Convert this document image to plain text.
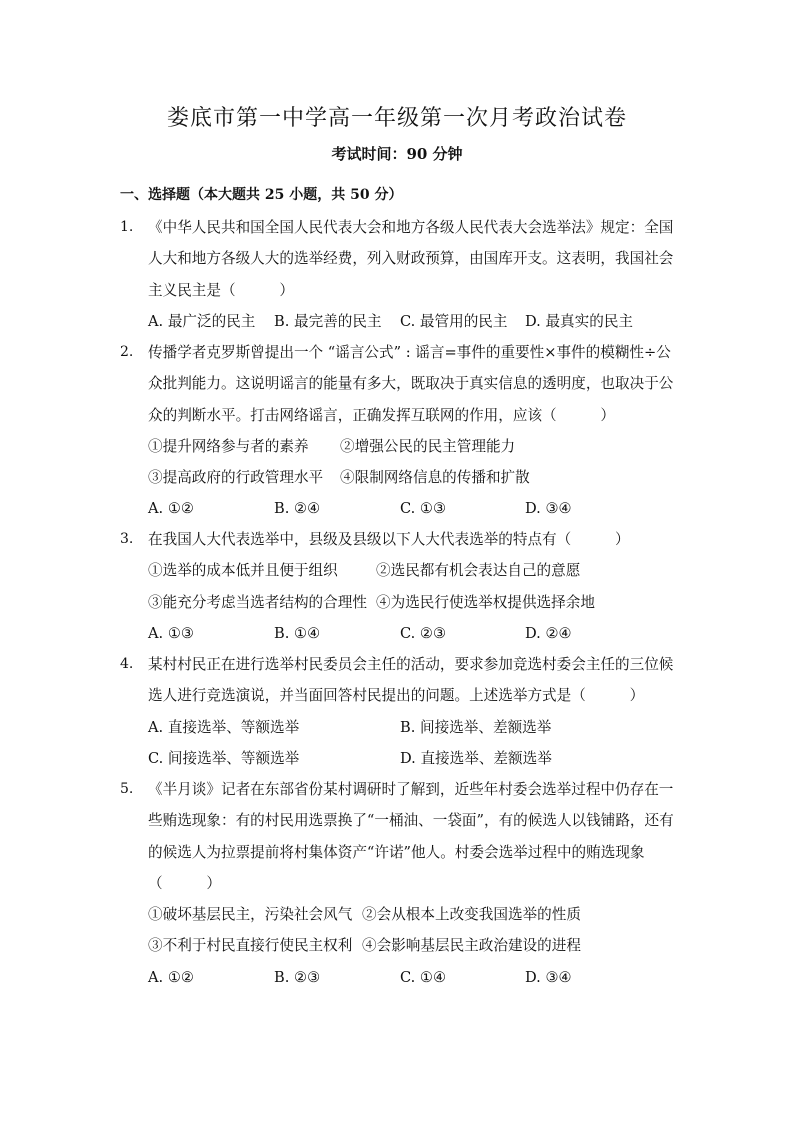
娄底市第一中学高一年级第一次月考政治试卷
考试时间：90 分钟
一、选择题（本大题共 25 小题，共 50 分）
1. 《中华人民共和国全国人民代表大会和地方各级人民代表大会选举法》规定：全国人大和地方各级人大的选举经费，列入财政预算，由国库开支。这表明，我国社会主义民主是（　　　）
A. 最广泛的民主 B. 最完善的民主 C. 最管用的民主 D. 最真实的民主
2. 传播学者克罗斯曾提出一个 “谣言公式” : 谣言=事件的重要性×事件的模糊性÷公众批判能力。这说明谣言的能量有多大，既取决于真实信息的透明度，也取决于公众的判断水平。打击网络谣言，正确发挥互联网的作用，应该（　　　）
①提升网络参与者的素养 ②增强公民的民主管理能力
③提高政府的行政管理水平 ④限制网络信息的传播和扩散
A. ①②	B. ②④	C. ①③	D. ③④
3. 在我国人大代表选举中，县级及县级以下人大代表选举的特点有（　　　）
①选举的成本低并且便于组织	②选民都有机会表达自己的意愿
③能充分考虑当选者结构的合理性 ④为选民行使选举权提供选择余地
A. ①③	B. ①④	C. ②③	D. ②④
4. 某村村民正在进行选举村民委员会主任的活动，要求参加竞选村委会主任的三位候选人进行竞选演说，并当面回答村民提出的问题。上述选举方式是（　　　）
A. 直接选举、等额选举	B. 间接选举、差额选举
C. 间接选举、等额选举	D. 直接选举、差额选举
5. 《半月谈》记者在东部省份某村调研时了解到，近些年村委会选举过程中仍存在一些贿选现象：有的村民用选票换了“一桶油、一袋面”，有的候选人以钱铺路，还有的候选人为拉票提前将村集体资产“许诺”他人。村委会选举过程中的贿选现象（　　　）
①破坏基层民主，污染社会风气 ②会从根本上改变我国选举的性质
③不利于村民直接行使民主权利 ④会影响基层民主政治建设的进程
A. ①②	B. ②③	C. ①④	D. ③④
